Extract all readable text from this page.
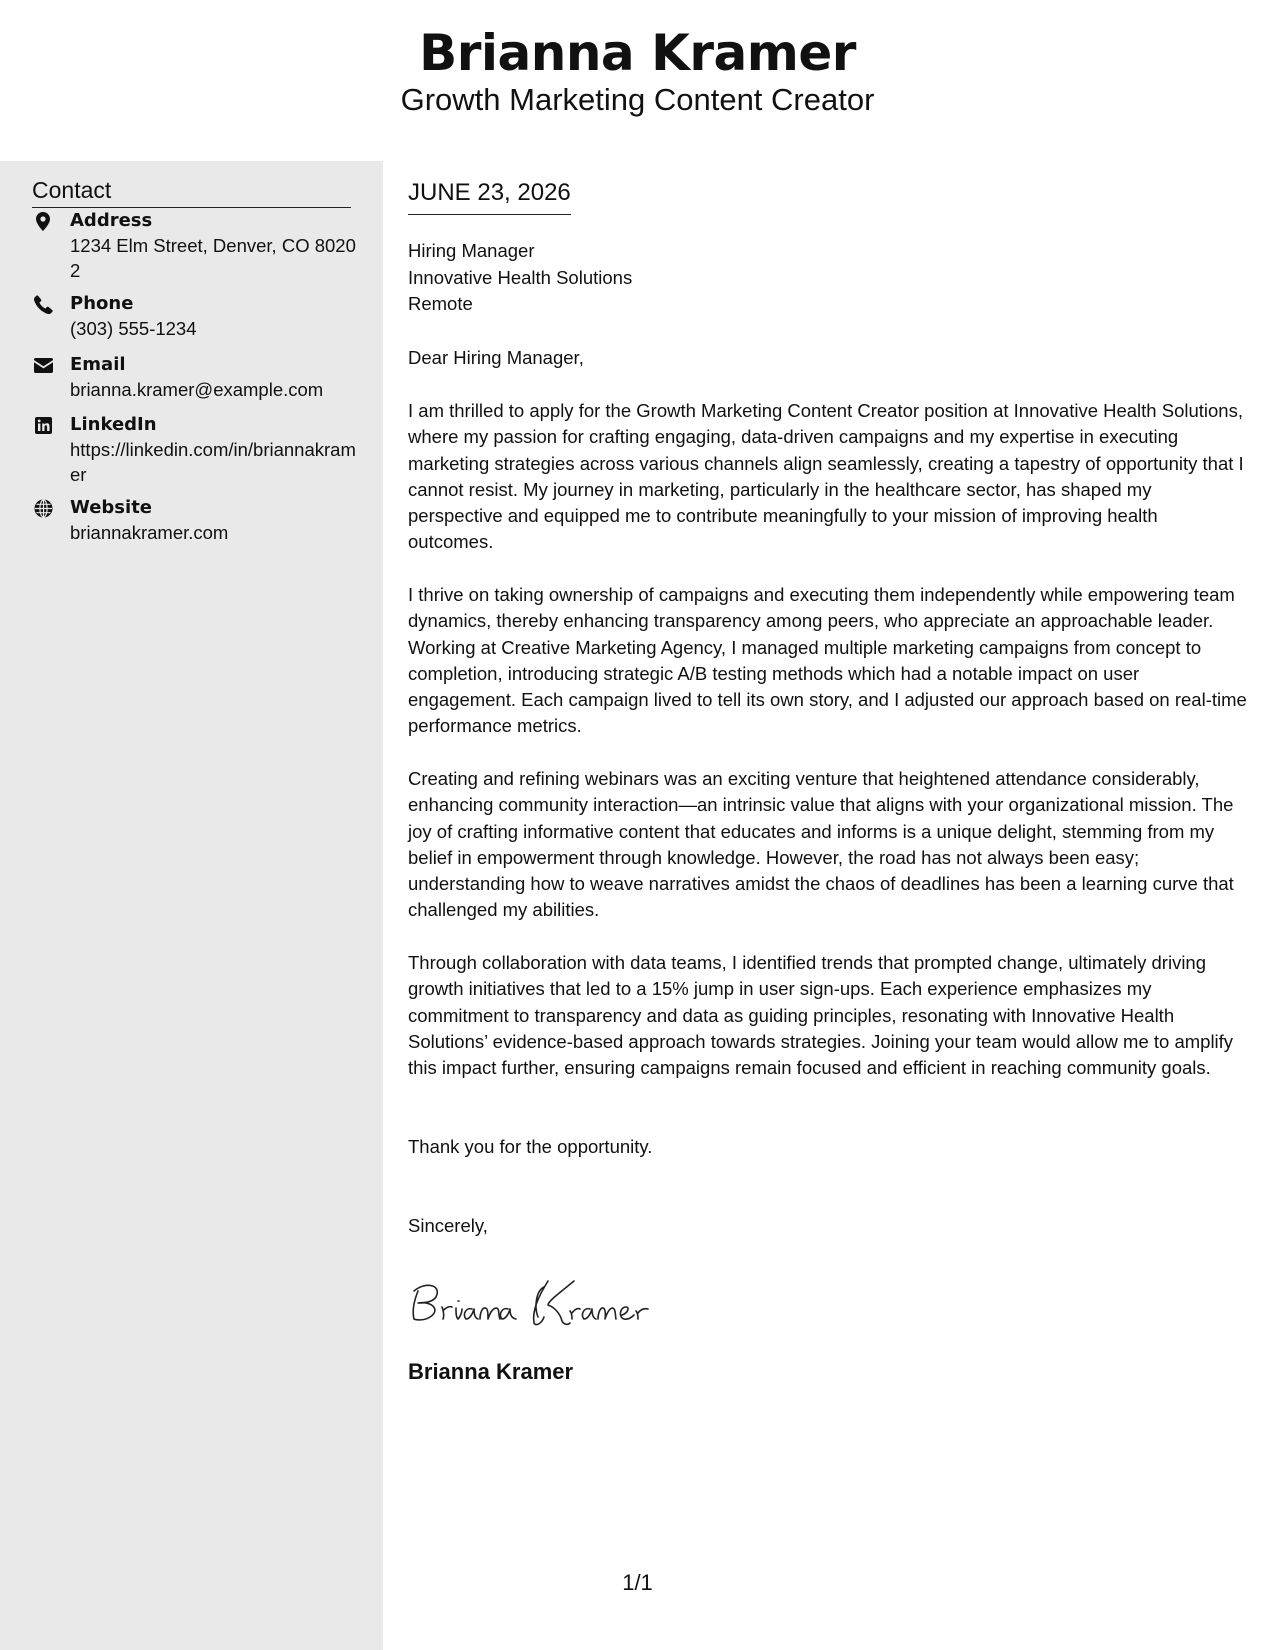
Brianna Kramer
Growth Marketing Content Creator
Contact
Address
1234 Elm Street, Denver, CO 80202
Phone
(303) 555-1234
Email
brianna.kramer@example.com
LinkedIn
https://linkedin.com/in/briannakramer
Website
briannakramer.com
JUNE 23, 2026
Hiring Manager
Innovative Health Solutions
Remote
Dear Hiring Manager,

I am thrilled to apply for the Growth Marketing Content Creator position at Innovative Health Solutions, where my passion for crafting engaging, data-driven campaigns and my expertise in executing marketing strategies across various channels align seamlessly, creating a tapestry of opportunity that I cannot resist. My journey in marketing, particularly in the healthcare sector, has shaped my perspective and equipped me to contribute meaningfully to your mission of improving health outcomes.

I thrive on taking ownership of campaigns and executing them independently while empowering team dynamics, thereby enhancing transparency among peers, who appreciate an approachable leader. Working at Creative Marketing Agency, I managed multiple marketing campaigns from concept to completion, introducing strategic A/B testing methods which had a notable impact on user engagement. Each campaign lived to tell its own story, and I adjusted our approach based on real-time performance metrics.

Creating and refining webinars was an exciting venture that heightened attendance considerably, enhancing community interaction—an intrinsic value that aligns with your organizational mission. The joy of crafting informative content that educates and informs is a unique delight, stemming from my belief in empowerment through knowledge. However, the road has not always been easy; understanding how to weave narratives amidst the chaos of deadlines has been a learning curve that challenged my abilities.

Through collaboration with data teams, I identified trends that prompted change, ultimately driving growth initiatives that led to a 15% jump in user sign-ups. Each experience emphasizes my commitment to transparency and data as guiding principles, resonating with Innovative Health Solutions’ evidence-based approach towards strategies. Joining your team would allow me to amplify this impact further, ensuring campaigns remain focused and efficient in reaching community goals.

Thank you for the opportunity.
Sincerely,
Brianna Kramer
1/1
